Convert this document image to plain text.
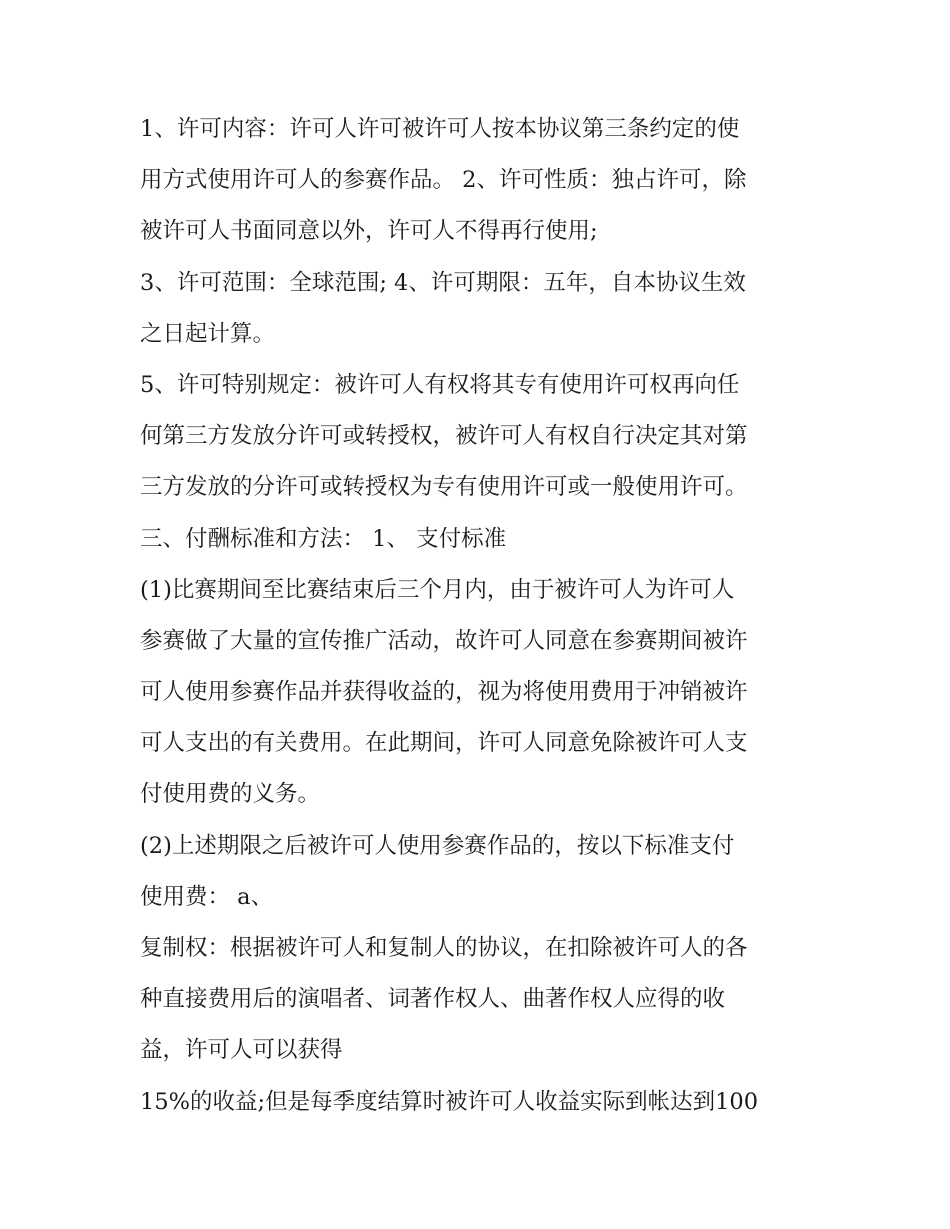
1、许可内容：许可人许可被许可人按本协议第三条约定的使
用方式使用许可人的参赛作品。 2、许可性质：独占许可，除
被许可人书面同意以外，许可人不得再行使用;
3、许可范围：全球范围; 4、许可期限：五年，自本协议生效
之日起计算。
5、许可特别规定：被许可人有权将其专有使用许可权再向任
何第三方发放分许可或转授权，被许可人有权自行决定其对第
三方发放的分许可或转授权为专有使用许可或一般使用许可。
三、付酬标准和方法： 1、 支付标准
(1)比赛期间至比赛结束后三个月内，由于被许可人为许可人
参赛做了大量的宣传推广活动，故许可人同意在参赛期间被许
可人使用参赛作品并获得收益的，视为将使用费用于冲销被许
可人支出的有关费用。在此期间，许可人同意免除被许可人支
付使用费的义务。
(2)上述期限之后被许可人使用参赛作品的，按以下标准支付
使用费： a、
复制权：根据被许可人和复制人的协议，在扣除被许可人的各
种直接费用后的演唱者、词著作权人、曲著作权人应得的收
益，许可人可以获得
15%的收益;但是每季度结算时被许可人收益实际到帐达到100
